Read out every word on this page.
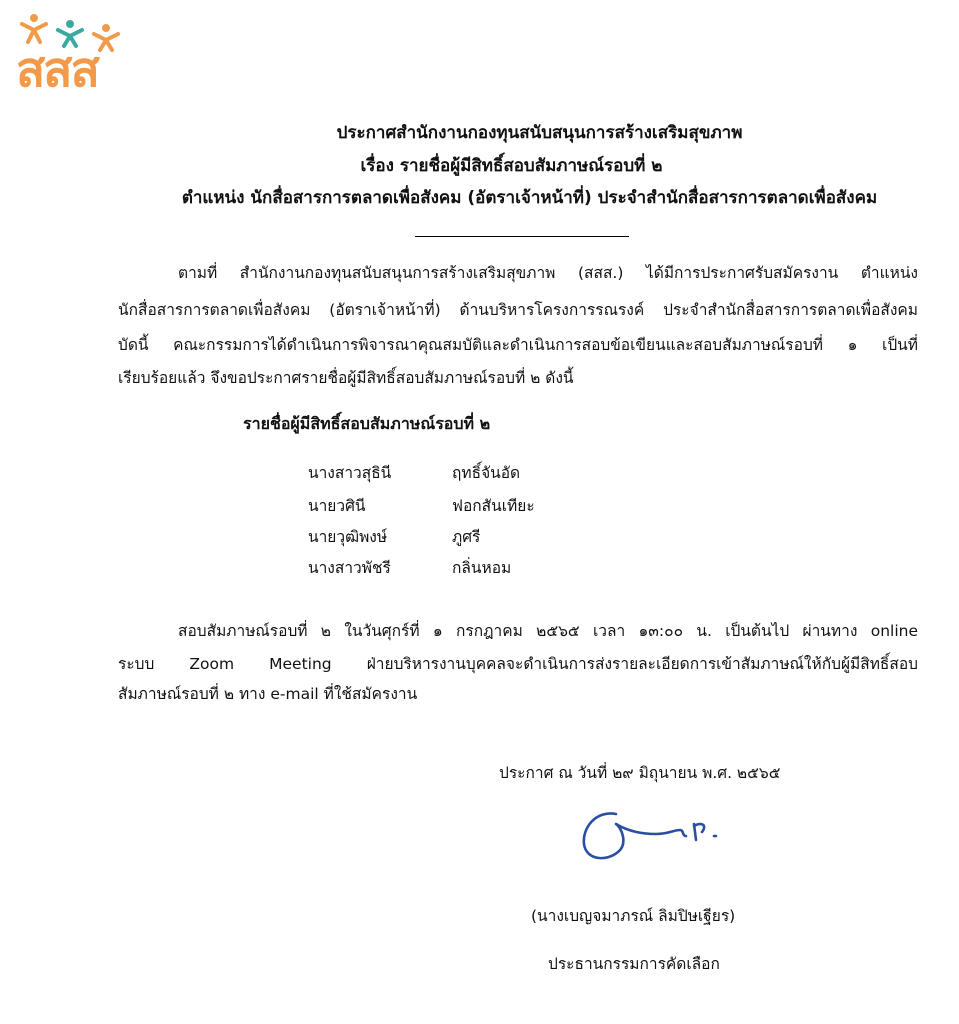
สสส
ประกาศสำนักงานกองทุนสนับสนุนการสร้างเสริมสุขภาพ
เรื่อง รายชื่อผู้มีสิทธิ์สอบสัมภาษณ์รอบที่ ๒
ตำแหน่ง นักสื่อสารการตลาดเพื่อสังคม (อัตราเจ้าหน้าที่) ประจำสำนักสื่อสารการตลาดเพื่อสังคม
ตามที่ สำนักงานกองทุนสนับสนุนการสร้างเสริมสุขภาพ (สสส.) ได้มีการประกาศรับสมัครงาน ตำแหน่ง
นักสื่อสารการตลาดเพื่อสังคม (อัตราเจ้าหน้าที่) ด้านบริหารโครงการรณรงค์ ประจำสำนักสื่อสารการตลาดเพื่อสังคม
บัดนี้ คณะกรรมการได้ดำเนินการพิจารณาคุณสมบัติและดำเนินการสอบข้อเขียนและสอบสัมภาษณ์รอบที่ ๑ เป็นที่
เรียบร้อยแล้ว จึงขอประกาศรายชื่อผู้มีสิทธิ์สอบสัมภาษณ์รอบที่ ๒ ดังนี้
รายชื่อผู้มีสิทธิ์สอบสัมภาษณ์รอบที่ ๒
นางสาวสุธินี	ฤทธิ์จันอัด
นายวศินี	ฟอกสันเทียะ
นายวุฒิพงษ์	ภูศรี
นางสาวพัชรี	กลิ่นหอม
สอบสัมภาษณ์รอบที่ ๒ ในวันศุกร์ที่ ๑ กรกฎาคม ๒๕๖๕ เวลา ๑๓:๐๐ น. เป็นต้นไป ผ่านทาง online
ระบบ Zoom Meeting ฝ่ายบริหารงานบุคคลจะดำเนินการส่งรายละเอียดการเข้าสัมภาษณ์ให้กับผู้มีสิทธิ์สอบ
สัมภาษณ์รอบที่ ๒ ทาง e-mail ที่ใช้สมัครงาน
ประกาศ ณ วันที่ ๒๙ มิถุนายน พ.ศ. ๒๕๖๕
(นางเบญจมาภรณ์ ลิมปิษเฐียร)
ประธานกรรมการคัดเลือก
